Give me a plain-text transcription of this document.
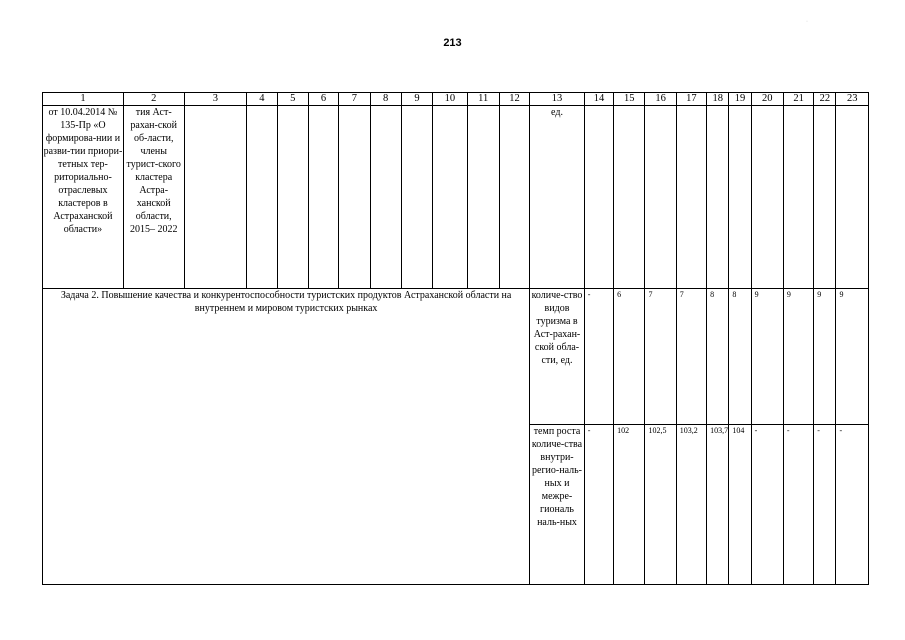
213
·
1	2	3	4	5	6	7	8	9	10	11	12	13	14	15	16	17	18	19	20	21	22	23
от 10.04.2014 № 135-Пр «О формирова-нии и разви-тии приори-тетных тер-риториально-отраслевых кластеров в Астраханской области»	тия Аст-рахан-ской об-ласти, члены турист-ского кластера Астра-ханской области, 2015– 2022											ед.										
Задача 2. Повышение качества и конкурентоспособности туристских продуктов Астраханской области на внутреннем и мировом туристских рынках												количе-ство видов туризма в Аст-рахан-ской обла-сти, ед.	-	6	7	7	8	8	9	9	9	9
												темп роста количе-ства внутри-регио-наль-ных и межре-гиональ наль-ных	-	102	102,5	103,2	103,7	104	-	-	-	-
